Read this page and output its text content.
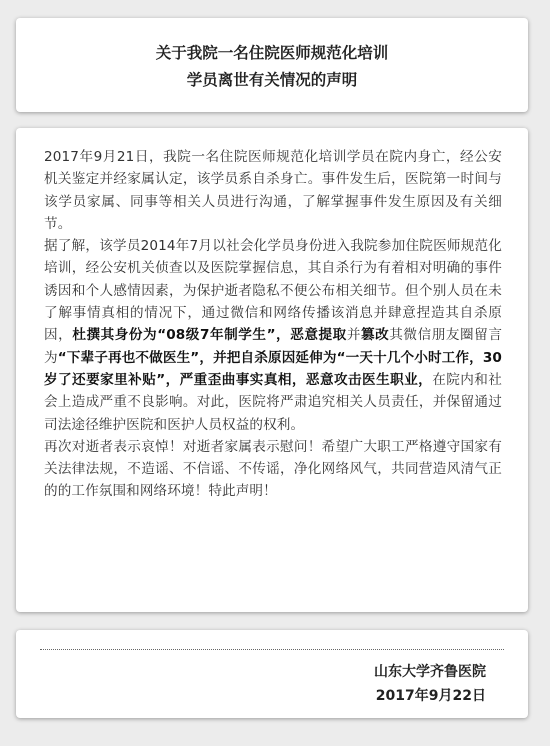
关于我院一名住院医师规范化培训
学员离世有关情况的声明

2017年9月21日，我院一名住院医师规范化培训学员在院内身亡，经公安机关鉴定并经家属认定，该学员系自杀身亡。事件发生后，医院第一时间与该学员家属、同事等相关人员进行沟通，了解掌握事件发生原因及有关细节。

据了解，该学员2014年7月以社会化学员身份进入我院参加住院医师规范化培训，经公安机关侦查以及医院掌握信息，其自杀行为有着相对明确的事件诱因和个人感情因素，为保护逝者隐私不便公布相关细节。但个别人员在未了解事情真相的情况下，通过微信和网络传播该消息并肆意捏造其自杀原因，杜撰其身份为“08级7年制学生”，恶意提取并篡改其微信朋友圈留言为“下辈子再也不做医生”，并把自杀原因延伸为“一天十几个小时工作，30岁了还要家里补贴”，严重歪曲事实真相，恶意攻击医生职业，在院内和社会上造成严重不良影响。对此，医院将严肃追究相关人员责任，并保留通过司法途径维护医院和医护人员权益的权利。

再次对逝者表示哀悼！对逝者家属表示慰问！希望广大职工严格遵守国家有关法律法规，不造谣、不信谣、不传谣，净化网络风气，共同营造风清气正的的工作氛围和网络环境！特此声明！

山东大学齐鲁医院
2017年9月22日
